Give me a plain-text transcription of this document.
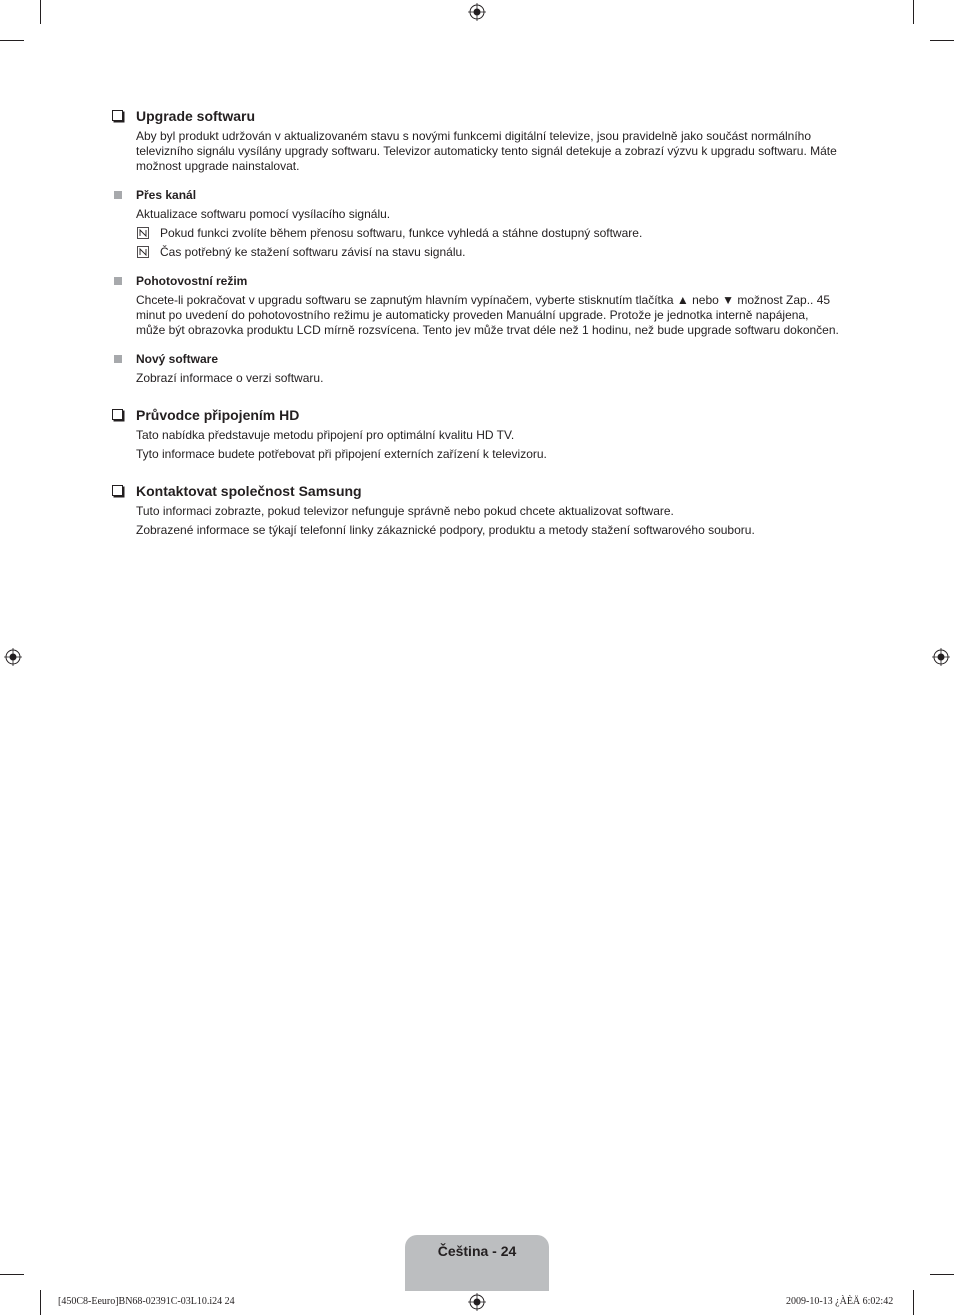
Upgrade softwaru

Aby byl produkt udržován v aktualizovaném stavu s novými funkcemi digitální televize, jsou pravidelně jako součást normálního televizního signálu vysílány upgrady softwaru. Televizor automaticky tento signál detekuje a zobrazí výzvu k upgradu softwaru. Máte možnost upgrade nainstalovat.

Přes kanál

Aktualizace softwaru pomocí vysílacího signálu.

Pokud funkci zvolíte během přenosu softwaru, funkce vyhledá a stáhne dostupný software.
Čas potřebný ke stažení softwaru závisí na stavu signálu.
Pohotovostní režim

Chcete-li pokračovat v upgradu softwaru se zapnutým hlavním vypínačem, vyberte stisknutím tlačítka ▲ nebo ▼ možnost Zap.. 45 minut po uvedení do pohotovostního režimu je automaticky proveden Manuální upgrade. Protože je jednotka interně napájena, může být obrazovka produktu LCD mírně rozsvícena. Tento jev může trvat déle než 1 hodinu, než bude upgrade softwaru dokončen.

Nový software

Zobrazí informace o verzi softwaru.

Průvodce připojením HD

Tato nabídka představuje metodu připojení pro optimální kvalitu HD TV.

Tyto informace budete potřebovat při připojení externích zařízení k televizoru.

Kontaktovat společnost Samsung

Tuto informaci zobrazte, pokud televizor nefunguje správně nebo pokud chcete aktualizovat software.

Zobrazené informace se týkají telefonní linky zákaznické podpory, produktu a metody stažení softwarového souboru.

Čeština - 24
[450C8-Eeuro]BN68-02391C-03L10.i24 24	2009-10-13 ¿ÀÈÄ 6:02:42
